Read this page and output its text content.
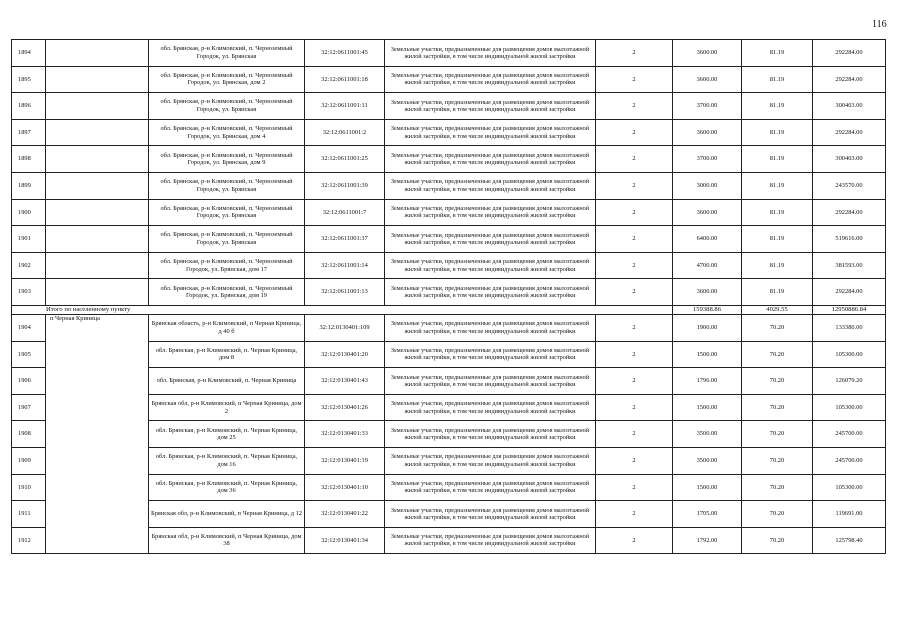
116
1894		обл. Брянская, р-н Климовский, п. Черноземный Городок, ул. Брянская	32:12:0611001:45	Земельные участки, предназначенные для размещения домов малоэтажной жилой застройки, в том числе индивидуальной жилой застройки	2	3600.00	81.19	292284.00
1895		обл. Брянская, р-н Климовский, п. Черноземный Городок, ул. Брянская, дом 2	32:12:0611001:18	Земельные участки, предназначенные для размещения домов малоэтажной жилой застройки, в том числе индивидуальной жилой застройки	2	3600.00	81.19	292284.00
1896		обл. Брянская, р-н Климовский, п. Черноземный Городок, ул. Брянская	32:12:0611001:11	Земельные участки, предназначенные для размещения домов малоэтажной жилой застройки, в том числе индивидуальной жилой застройки	2	3700.00	81.19	300403.00
1897		обл. Брянская, р-н Климовский, п. Черноземный Городок, ул. Брянская, дом 4	32:12:0611001:2	Земельные участки, предназначенные для размещения домов малоэтажной жилой застройки, в том числе индивидуальной жилой застройки	2	3600.00	81.19	292284.00
1898		обл. Брянская, р-н Климовский, п. Черноземный Городок, ул. Брянская, дом 9	32:12:0611001:25	Земельные участки, предназначенные для размещения домов малоэтажной жилой застройки, в том числе индивидуальной жилой застройки	2	3700.00	81.19	300403.00
1899		обл. Брянская, р-н Климовский, п. Черноземный Городок, ул. Брянская	32:12:0611001:39	Земельные участки, предназначенные для размещения домов малоэтажной жилой застройки, в том числе индивидуальной жилой застройки	2	3000.00	81.19	243570.00
1900		обл. Брянская, р-н Климовский, п. Черноземный Городок, ул. Брянская	32:12:0611001:7	Земельные участки, предназначенные для размещения домов малоэтажной жилой застройки, в том числе индивидуальной жилой застройки	2	3600.00	81.19	292284.00
1901		обл. Брянская, р-н Климовский, п. Черноземный Городок, ул. Брянская	32:12:0611001:37	Земельные участки, предназначенные для размещения домов малоэтажной жилой застройки, в том числе индивидуальной жилой застройки	2	6400.00	81.19	519616.00
1902		обл. Брянская, р-н Климовский, п. Черноземный Городок, ул. Брянская, дом 17	32:12:0611001:14	Земельные участки, предназначенные для размещения домов малоэтажной жилой застройки, в том числе индивидуальной жилой застройки	2	4700.00	81.19	381593.00
1903		обл. Брянская, р-н Климовский, п. Черноземный Городок, ул. Брянская, дом 19	32:12:0611001:13	Земельные участки, предназначенные для размещения домов малоэтажной жилой застройки, в том числе индивидуальной жилой застройки	2	3600.00	81.19	292284.00
Итого по населенному пункту						159388.86	4029.55	12950886.84
1904	п Черная Криница	Брянская область, р-н Климовский, п Черная Криница, д 40 б	32:12:0130401:109	Земельные участки, предназначенные для размещения домов малоэтажной жилой застройки, в том числе индивидуальной жилой застройки	2	1900.00	70.20	133380.00
1905		обл. Брянская, р-н Климовский, п. Черная Криница, дом 8	32:12:0130401:20	Земельные участки, предназначенные для размещения домов малоэтажной жилой застройки, в том числе индивидуальной жилой застройки	2	1500.00	70.20	105300.00
1906		обл. Брянская, р-н Климовский, п. Черная Криница	32:12:0130401:43	Земельные участки, предназначенные для размещения домов малоэтажной жилой застройки, в том числе индивидуальной жилой застройки	2	1796.00	70.20	126079.20
1907		Брянская обл, р-н Климовский, п Черная Криница, дом 2	32:12:0130401:26	Земельные участки, предназначенные для размещения домов малоэтажной жилой застройки, в том числе индивидуальной жилой застройки	2	1500.00	70.20	105300.00
1908		обл. Брянская, р-н Климовский, п. Черная Криница, дом 25	32:12:0130401:33	Земельные участки, предназначенные для размещения домов малоэтажной жилой застройки, в том числе индивидуальной жилой застройки	2	3500.00	70.20	245700.00
1909		обл. Брянская, р-н Климовский, п. Черная Криница, дом 16	32:12:0130401:19	Земельные участки, предназначенные для размещения домов малоэтажной жилой застройки, в том числе индивидуальной жилой застройки	2	3500.00	70.20	245700.00
1910		обл. Брянская, р-н Климовский, п. Черная Криница, дом 36	32:12:0130401:10	Земельные участки, предназначенные для размещения домов малоэтажной жилой застройки, в том числе индивидуальной жилой застройки	2	1500.00	70.20	105300.00
1911		Брянская обл, р-н Климовский, п Черная Криница, д 12	32:12:0130401:22	Земельные участки, предназначенные для размещения домов малоэтажной жилой застройки, в том числе индивидуальной жилой застройки	2	1705.00	70.20	119691.00
1912		Брянская обл, р-н Климовский, п Черная Криница, дом 38	32:12:0130401:34	Земельные участки, предназначенные для размещения домов малоэтажной жилой застройки, в том числе индивидуальной жилой застройки	2	1792.00	70.20	125798.40
